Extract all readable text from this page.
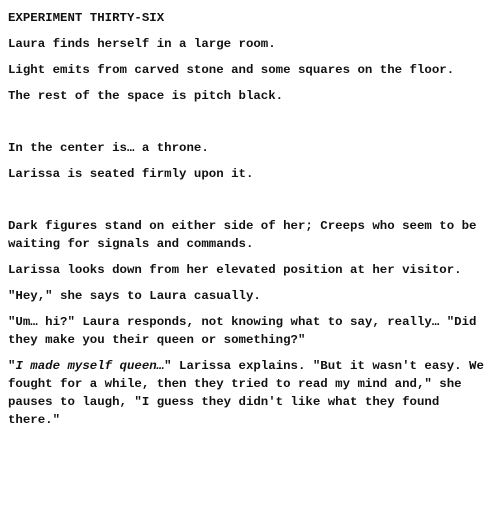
EXPERIMENT THIRTY-SIX

Laura finds herself in a large room.

Light emits from carved stone and some squares on the floor.

The rest of the space is pitch black.

In the center is… a throne.

Larissa is seated firmly upon it.

Dark figures stand on either side of her; Creeps who seem to be waiting for signals and commands.

Larissa looks down from her elevated position at her visitor.

"Hey," she says to Laura casually.

"Um… hi?" Laura responds, not knowing what to say, really… "Did they make you their queen or something?"

"I made myself queen…" Larissa explains. "But it wasn't easy. We fought for a while, then they tried to read my mind and," she pauses to laugh, "I guess they didn't like what they found there."
